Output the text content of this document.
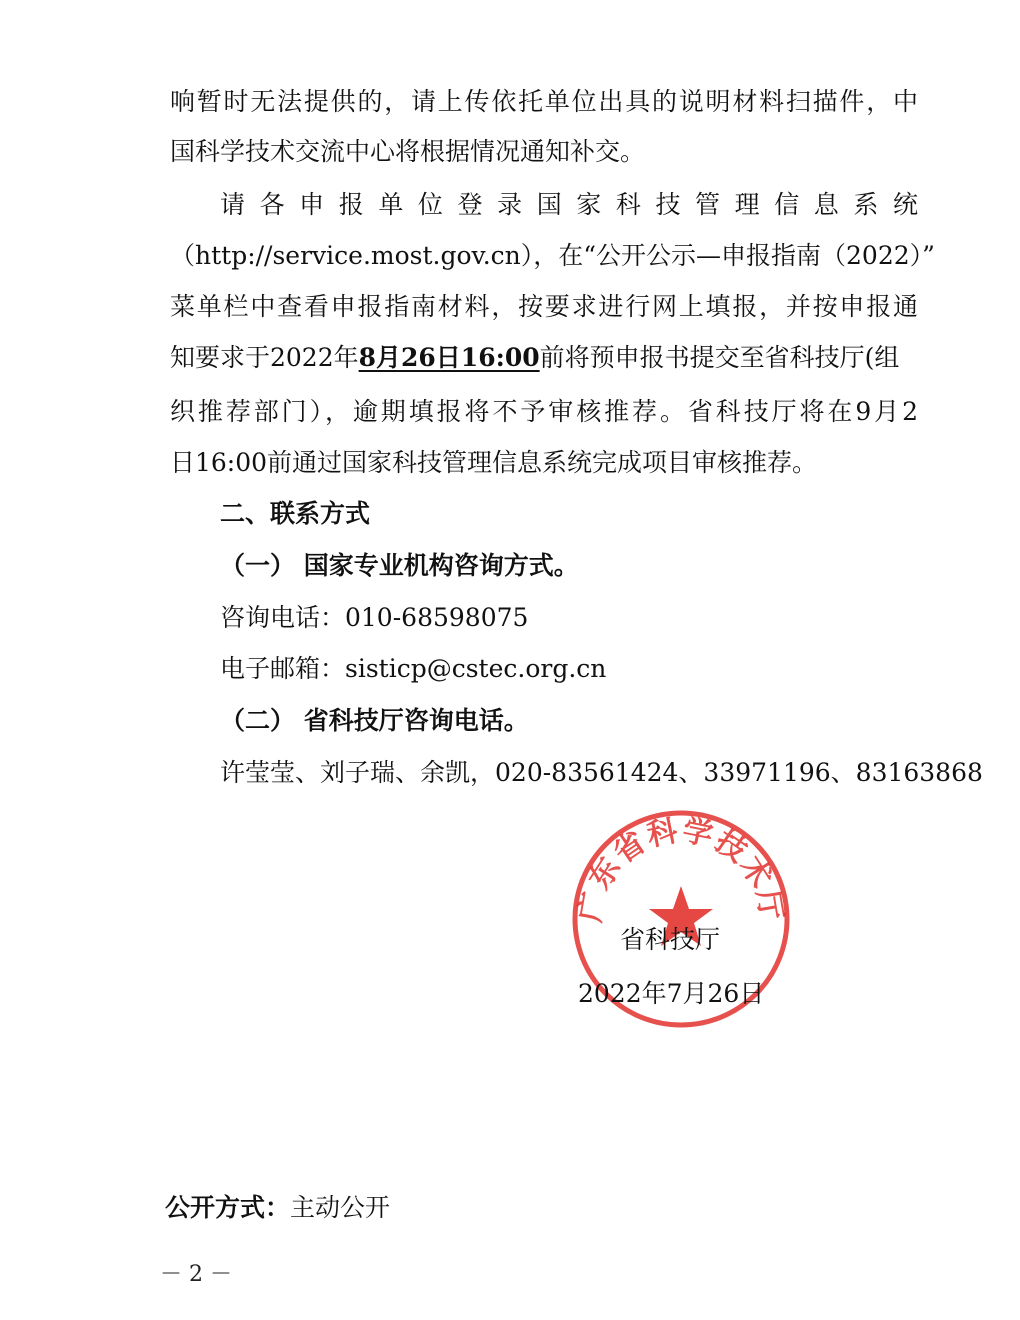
响暂时无法提供的，请上传依托单位出具的说明材料扫描件，中
国科学技术交流中心将根据情况通知补交。
请各申报单位登录国家科技管理信息系统
（http://service.most.gov.cn），在“公开公示—申报指南（2022）”
菜单栏中查看申报指南材料，按要求进行网上填报，并按申报通
知要求于2022年8月26日16:00前将预申报书提交至省科技厅(组
织推荐部门），逾期填报将不予审核推荐。省科技厅将在9月2
日16:00前通过国家科技管理信息系统完成项目审核推荐。
二、联系方式
（一） 国家专业机构咨询方式。
咨询电话：010-68598075
电子邮箱：sisticp@cstec.org.cn
（二） 省科技厅咨询电话。
许莹莹、刘子瑞、余凯，020-83561424、33971196、83163868
广东省科学技术厅
省科技厅
2022年7月26日
公开方式：主动公开
－ 2 －
